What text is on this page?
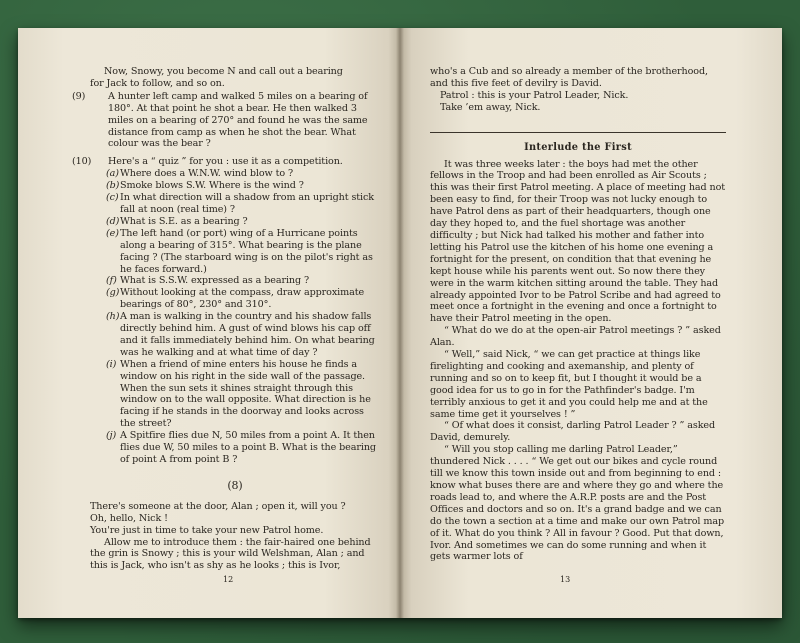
Now, Snowy, you become N and call out a bearing

for Jack to follow, and so on.

(9) A hunter left camp and walked 5 miles on a bearing of 180°. At that point he shot a bear. He then walked 3 miles on a bearing of 270° and found he was the same distance from camp as when he shot the bear. What colour was the bear ?

(10) Here's a “ quiz ” for you : use it as a competition.

(a)Where does a W.N.W. wind blow to ?

(b)Smoke blows S.W. Where is the wind ?

(c)In what direction will a shadow from an upright stick fall at noon (real time) ?

(d)What is S.E. as a bearing ?

(e)The left hand (or port) wing of a Hurricane points along a bearing of 315°. What bearing is the plane facing ? (The starboard wing is on the pilot's right as he faces forward.)

(f) What is S.S.W. expressed as a bearing ?

(g)Without looking at the compass, draw approximate bearings of 80°, 230° and 310°.

(h)A man is walking in the country and his shadow falls directly behind him. A gust of wind blows his cap off and it falls immediately behind him. On what bearing was he walking and at what time of day ?

(i) When a friend of mine enters his house he finds a window on his right in the side wall of the passage. When the sun sets it shines straight through this window on to the wall opposite. What direction is he facing if he stands in the doorway and looks across the street?

(j) A Spitfire flies due N, 50 miles from a point A. It then flies due W, 50 miles to a point B. What is the bearing of point A from point B ?

(8)

There's someone at the door, Alan ; open it, will you ?

Oh, hello, Nick !

You're just in time to take your new Patrol home.

Allow me to introduce them : the fair-haired one behind the grin is Snowy ; this is your wild Welshman, Alan ; and this is Jack, who isn't as shy as he looks ; this is Ivor,

12

who's a Cub and so already a member of the brotherhood,

and this five feet of devilry is David.

Patrol : this is your Patrol Leader, Nick.

Take ’em away, Nick.

Interlude the First

It was three weeks later : the boys had met the other fellows in the Troop and had been enrolled as Air Scouts ; this was their first Patrol meeting. A place of meeting had not been easy to find, for their Troop was not lucky enough to have Patrol dens as part of their headquarters, though one day they hoped to, and the fuel shortage was another difficulty ; but Nick had talked his mother and father into letting his Patrol use the kitchen of his home one evening a fortnight for the present, on condition that that evening he kept house while his parents went out. So now there they were in the warm kitchen sitting around the table. They had already appointed Ivor to be Patrol Scribe and had agreed to meet once a fortnight in the evening and once a fortnight to have their Patrol meeting in the open.

“ What do we do at the open-air Patrol meetings ? ” asked Alan.

“ Well,” said Nick, “ we can get practice at things like firelighting and cooking and axemanship, and plenty of running and so on to keep fit, but I thought it would be a good idea for us to go in for the Pathfinder's badge. I'm terribly anxious to get it and you could help me and at the same time get it yourselves ! ”

“ Of what does it consist, darling Patrol Leader ? ” asked David, demurely.

“ Will you stop calling me darling Patrol Leader,” thundered Nick . . . . “ We get out our bikes and cycle round till we know this town inside out and from beginning to end : know what buses there are and where they go and where the roads lead to, and where the A.R.P. posts are and the Post Offices and doctors and so on. It's a grand badge and we can do the town a section at a time and make our own Patrol map of it. What do you think ? All in favour ? Good. Put that down, Ivor. And sometimes we can do some running and when it gets warmer lots of

13
